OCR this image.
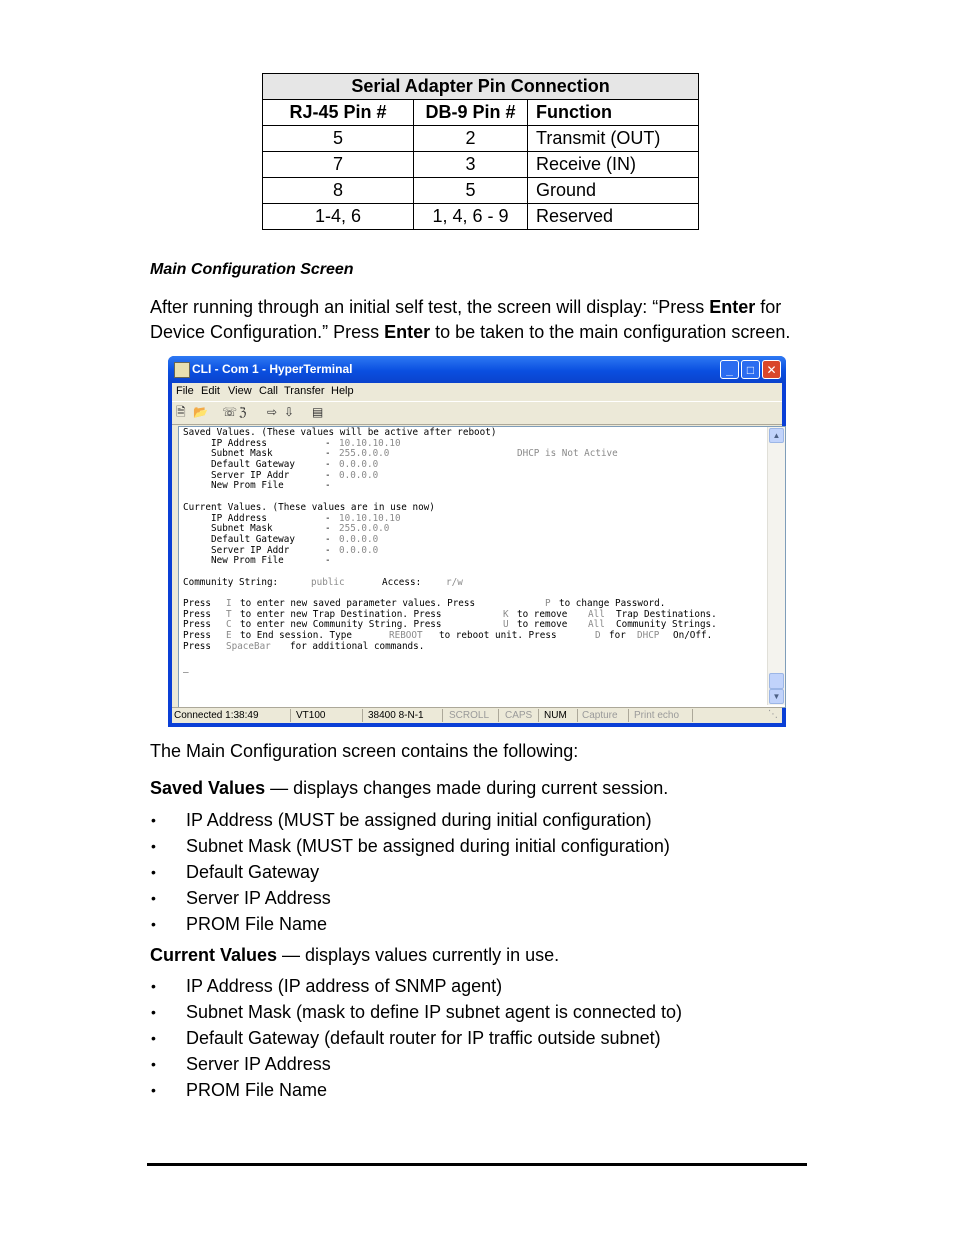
Serial Adapter Pin Connection		
RJ-45 Pin #	DB-9 Pin #	Function
5	2	Transmit (OUT)
7	3	Receive (IN)
8	5	Ground
1-4, 6	1, 4, 6 - 9	Reserved
Main Configuration Screen

After running through an initial self test, the screen will display: “Press Enter for Device Configuration.” Press Enter to be taken to the main configuration screen.

CLI - Com 1 - HyperTerminal	_	□	✕
File Edit View Call Transfer Help
🗎 📂 ☏ ℨ ⇨ ⇩ ▤
Saved Values. (These values will be active after reboot)
IP Address	- 10.10.10.10
Subnet Mask	- 255.0.0.0	DHCP is Not Active
Default Gateway	- 0.0.0.0
Server IP Addr	- 0.0.0.0
New Prom File	-
Current Values. (These values are in use now)
IP Address	- 10.10.10.10
Subnet Mask	- 255.0.0.0
Default Gateway	- 0.0.0.0
Server IP Addr	- 0.0.0.0
New Prom File	-
Community String:	public	Access:	r/w
Press I to enter new saved parameter values. Press	P to change Password.
Press T to enter new Trap Destination. Press	K to remove All Trap Destinations.
Press C to enter new Community String. Press	U to remove All Community Strings.
Press E to End session. Type	REBOOT to reboot unit. Press	D for DHCP On/Off.
Press SpaceBar for additional commands.
_
▲
▼
Connected 1:38:49	VT100	38400 8-N-1	SCROLL CAPS NUM Capture Print echo	⋱

The Main Configuration screen contains the following:

Saved Values — displays changes made during current session.

• IP Address (MUST be assigned during initial configuration)
• Subnet Mask (MUST be assigned during initial configuration)
• Default Gateway
• Server IP Address
• PROM File Name

Current Values — displays values currently in use.

• IP Address (IP address of SNMP agent)
• Subnet Mask (mask to define IP subnet agent is connected to)
• Default Gateway (default router for IP traffic outside subnet)
• Server IP Address
• PROM File Name
